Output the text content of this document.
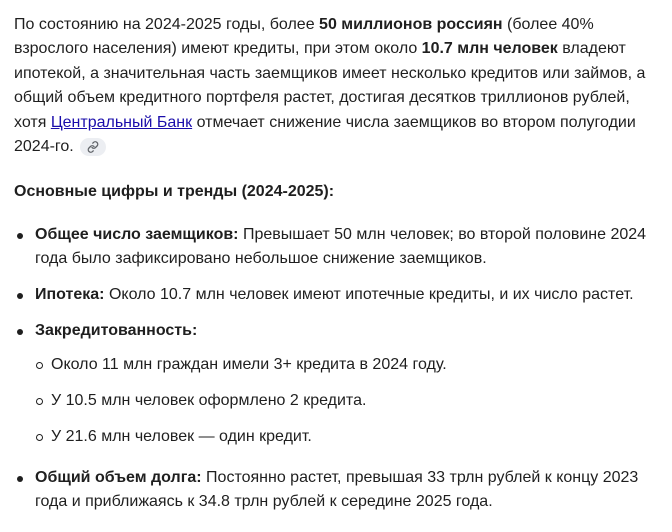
По состоянию на 2024-2025 годы, более 50 миллионов россиян (более 40% взрослого населения) имеют кредиты, при этом около 10.7 млн человек владеют ипотекой, а значительная часть заемщиков имеет несколько кредитов или займов, а общий объем кредитного портфеля растет, достигая десятков триллионов рублей, хотя Центральный Банк отмечает снижение числа заемщиков во втором полугодии 2024-го.

Основные цифры и тренды (2024-2025):

Общее число заемщиков: Превышает 50 млн человек; во второй половине 2024 года было зафиксировано небольшое снижение заемщиков.
Ипотека: Около 10.7 млн человек имеют ипотечные кредиты, и их число растет.
Закредитованность:
Около 11 млн граждан имели 3+ кредита в 2024 году.
У 10.5 млн человек оформлено 2 кредита.
У 21.6 млн человек — один кредит.
Общий объем долга: Постоянно растет, превышая 33 трлн рублей к концу 2023 года и приближаясь к 34.8 трлн рублей к середине 2025 года.
